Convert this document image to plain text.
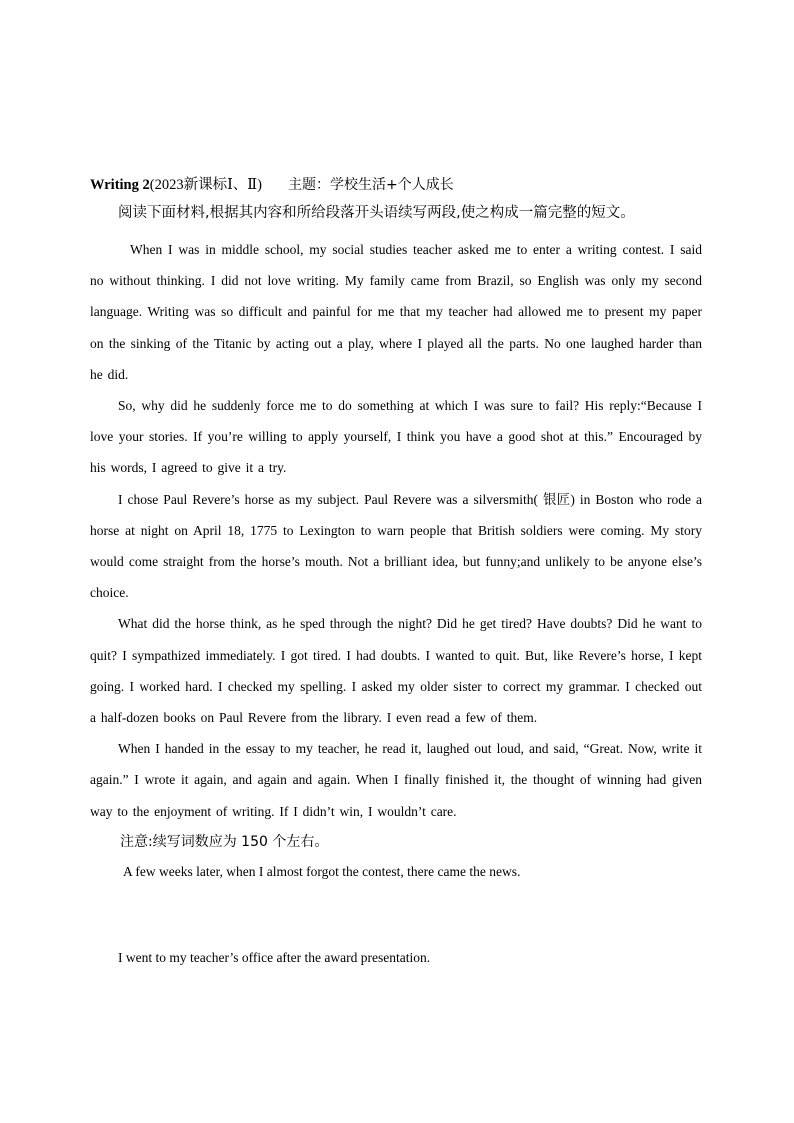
Writing 2(2023新课标Ⅰ、Ⅱ) 主题：学校生活+个人成长

阅读下面材料,根据其内容和所给段落开头语续写两段,使之构成一篇完整的短文。

When I was in middle school, my social studies teacher asked me to enter a writing contest. I said no without thinking. I did not love writing. My family came from Brazil, so English was only my second language. Writing was so difficult and painful for me that my teacher had allowed me to present my paper on the sinking of the Titanic by acting out a play, where I played all the parts. No one laughed harder than he did.

So, why did he suddenly force me to do something at which I was sure to fail? His reply:“Because I love your stories. If you’re willing to apply yourself, I think you have a good shot at this.” Encouraged by his words, I agreed to give it a try.

I chose Paul Revere’s horse as my subject. Paul Revere was a silversmith( 银匠) in Boston who rode a horse at night on April 18, 1775 to Lexington to warn people that British soldiers were coming. My story would come straight from the horse’s mouth. Not a brilliant idea, but funny;and unlikely to be anyone else’s choice.

What did the horse think, as he sped through the night? Did he get tired? Have doubts? Did he want to quit? I sympathized immediately. I got tired. I had doubts. I wanted to quit. But, like Revere’s horse, I kept going. I worked hard. I checked my spelling. I asked my older sister to correct my grammar. I checked out a half-dozen books on Paul Revere from the library. I even read a few of them.

When I handed in the essay to my teacher, he read it, laughed out loud, and said, “Great. Now, write it again.” I wrote it again, and again and again. When I finally finished it, the thought of winning had given way to the enjoyment of writing. If I didn’t win, I wouldn’t care.

注意:续写词数应为 150 个左右。

A few weeks later, when I almost forgot the contest, there came the news.

I went to my teacher’s office after the award presentation.
